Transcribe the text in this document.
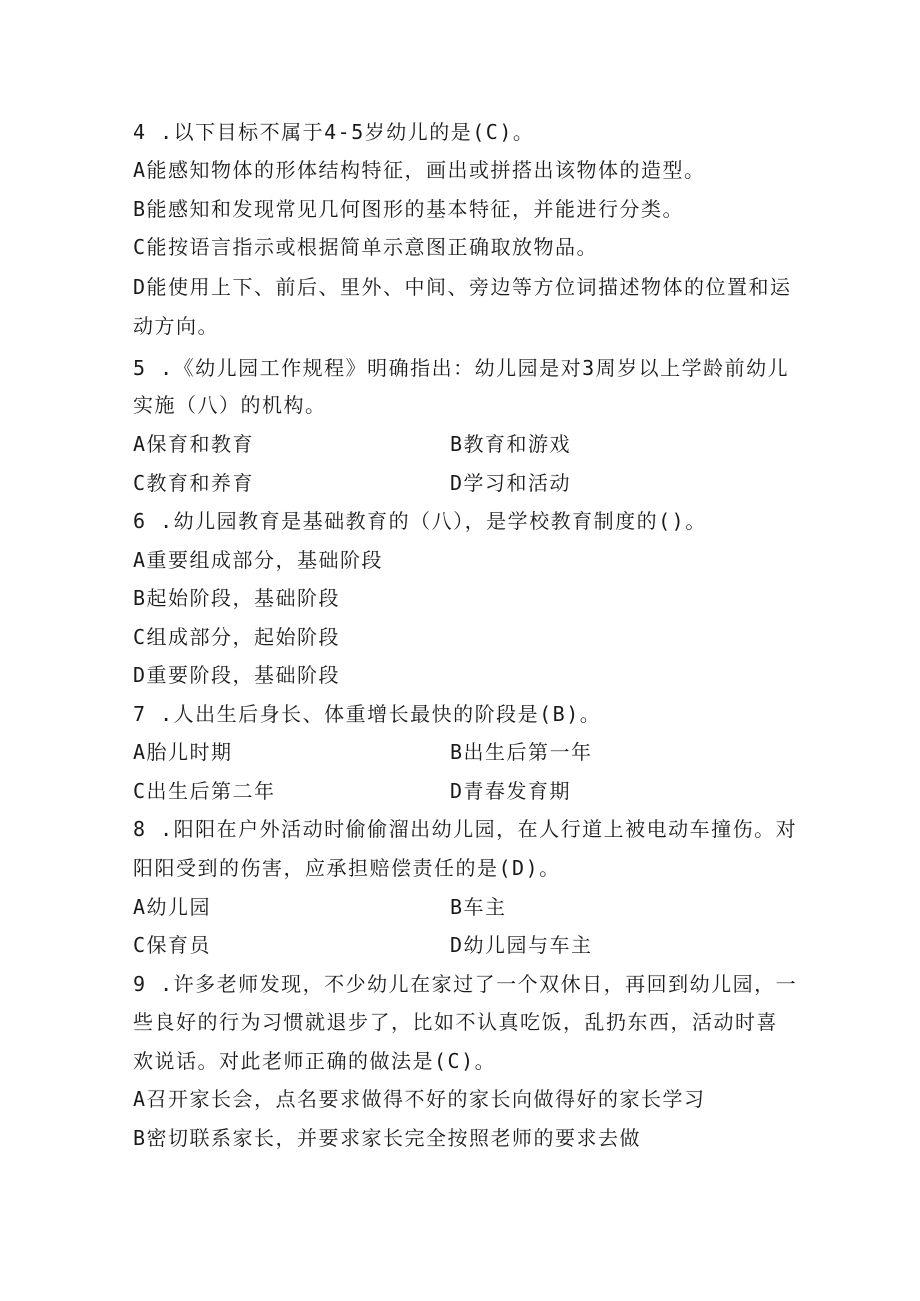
4 .以下目标不属于4-5岁幼儿的是(C)。
A能感知物体的形体结构特征，画出或拼搭出该物体的造型。
B能感知和发现常见几何图形的基本特征，并能进行分类。
C能按语言指示或根据简单示意图正确取放物品。
D能使用上下、前后、里外、中间、旁边等方位词描述物体的位置和运
动方向。
5 .《幼儿园工作规程》明确指出：幼儿园是对3周岁以上学龄前幼儿
实施（八）的机构。
A保育和教育	B教育和游戏
C教育和养育	D学习和活动
6 .幼儿园教育是基础教育的（八），是学校教育制度的()。
A重要组成部分，基础阶段
B起始阶段，基础阶段
C组成部分，起始阶段
D重要阶段，基础阶段
7 .人出生后身长、体重增长最快的阶段是(B)。
A胎儿时期	B出生后第一年
C出生后第二年	D青春发育期
8 .阳阳在户外活动时偷偷溜出幼儿园，在人行道上被电动车撞伤。对
阳阳受到的伤害，应承担赔偿责任的是(D)。
A幼儿园	B车主
C保育员	D幼儿园与车主
9 .许多老师发现，不少幼儿在家过了一个双休日，再回到幼儿园，一
些良好的行为习惯就退步了，比如不认真吃饭，乱扔东西，活动时喜
欢说话。对此老师正确的做法是(C)。
A召开家长会，点名要求做得不好的家长向做得好的家长学习
B密切联系家长，并要求家长完全按照老师的要求去做
